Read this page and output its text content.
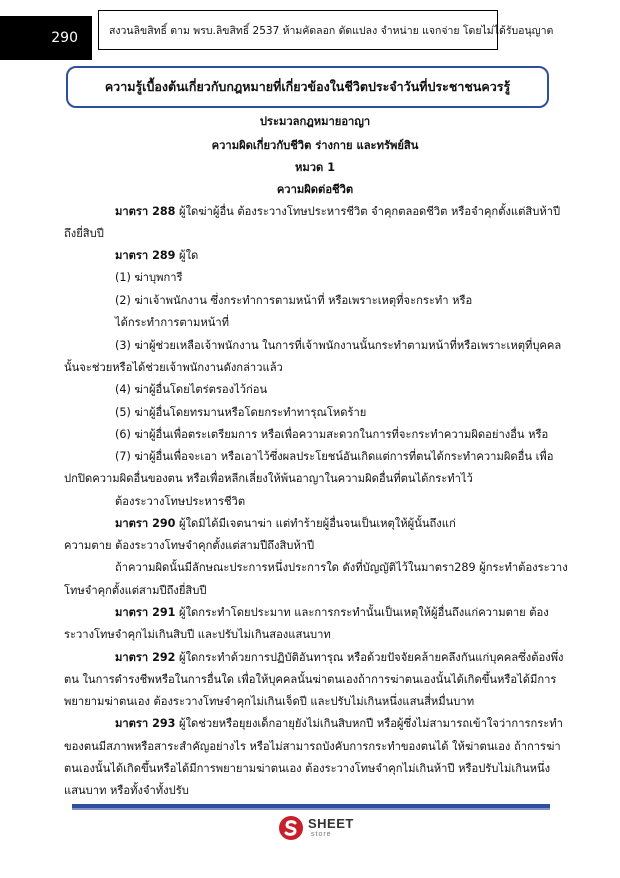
290	สงวนลิขสิทธิ์ ตาม พรบ.ลิขสิทธิ์ 2537 ห้ามคัดลอก ดัดแปลง จำหน่าย แจกจ่าย โดยไม่ได้รับอนุญาต
ความรู้เบื้องต้นเกี่ยวกับกฎหมายที่เกี่ยวข้องในชีวิตประจำวันที่ประชาชนควรรู้
ประมวลกฎหมายอาญา
ความผิดเกี่ยวกับชีวิต ร่างกาย และทรัพย์สิน
หมวด 1
ความผิดต่อชีวิต
มาตรา 288 ผู้ใดฆ่าผู้อื่น ต้องระวางโทษประหารชีวิต จำคุกตลอดชีวิต หรือจำคุกตั้งแต่สิบห้าปี
ถึงยี่สิบปี
มาตรา 289 ผู้ใด
(1) ฆ่าบุพการี
(2) ฆ่าเจ้าพนักงาน ซึ่งกระทำการตามหน้าที่ หรือเพราะเหตุที่จะกระทำ หรือ
ได้กระทำการตามหน้าที่
(3) ฆ่าผู้ช่วยเหลือเจ้าพนักงาน ในการที่เจ้าพนักงานนั้นกระทำตามหน้าที่หรือเพราะเหตุที่บุคคล
นั้นจะช่วยหรือได้ช่วยเจ้าพนักงานดังกล่าวแล้ว
(4) ฆ่าผู้อื่นโดยไตร่ตรองไว้ก่อน
(5) ฆ่าผู้อื่นโดยทรมานหรือโดยกระทำทารุณโหดร้าย
(6) ฆ่าผู้อื่นเพื่อตระเตรียมการ หรือเพื่อความสะดวกในการที่จะกระทำความผิดอย่างอื่น หรือ
(7) ฆ่าผู้อื่นเพื่อจะเอา หรือเอาไว้ซึ่งผลประโยชน์อันเกิดแต่การที่ตนได้กระทำความผิดอื่น เพื่อ
ปกปิดความผิดอื่นของตน หรือเพื่อหลีกเลี่ยงให้พ้นอาญาในความผิดอื่นที่ตนได้กระทำไว้
ต้องระวางโทษประหารชีวิต
มาตรา 290 ผู้ใดมิได้มีเจตนาฆ่า แต่ทำร้ายผู้อื่นจนเป็นเหตุให้ผู้นั้นถึงแก่
ความตาย ต้องระวางโทษจำคุกตั้งแต่สามปีถึงสิบห้าปี
ถ้าความผิดนั้นมีลักษณะประการหนึ่งประการใด ดังที่บัญญัติไว้ในมาตรา289 ผู้กระทำต้องระวาง
โทษจำคุกตั้งแต่สามปีถึงยี่สิบปี
มาตรา 291 ผู้ใดกระทำโดยประมาท และการกระทำนั้นเป็นเหตุให้ผู้อื่นถึงแก่ความตาย ต้อง
ระวางโทษจำคุกไม่เกินสิบปี และปรับไม่เกินสองแสนบาท
มาตรา 292 ผู้ใดกระทำด้วยการปฏิบัติอันทารุณ หรือด้วยปัจจัยคล้ายคลึงกันแก่บุคคลซึ่งต้องพึ่ง
ตน ในการดำรงชีพหรือในการอื่นใด เพื่อให้บุคคลนั้นฆ่าตนเองถ้าการฆ่าตนเองนั้นได้เกิดขึ้นหรือได้มีการ
พยายามฆ่าตนเอง ต้องระวางโทษจำคุกไม่เกินเจ็ดปี และปรับไม่เกินหนึ่งแสนสี่หมื่นบาท
มาตรา 293 ผู้ใดช่วยหรือยุยงเด็กอายุยังไม่เกินสิบหกปี หรือผู้ซึ่งไม่สามารถเข้าใจว่าการกระทำ
ของตนมีสภาพหรือสาระสำคัญอย่างไร หรือไม่สามารถบังคับการกระทำของตนได้ ให้ฆ่าตนเอง ถ้าการฆ่า
ตนเองนั้นได้เกิดขึ้นหรือได้มีการพยายามฆ่าตนเอง ต้องระวางโทษจำคุกไม่เกินห้าปี หรือปรับไม่เกินหนึ่ง
แสนบาท หรือทั้งจำทั้งปรับ
SHEET
store
